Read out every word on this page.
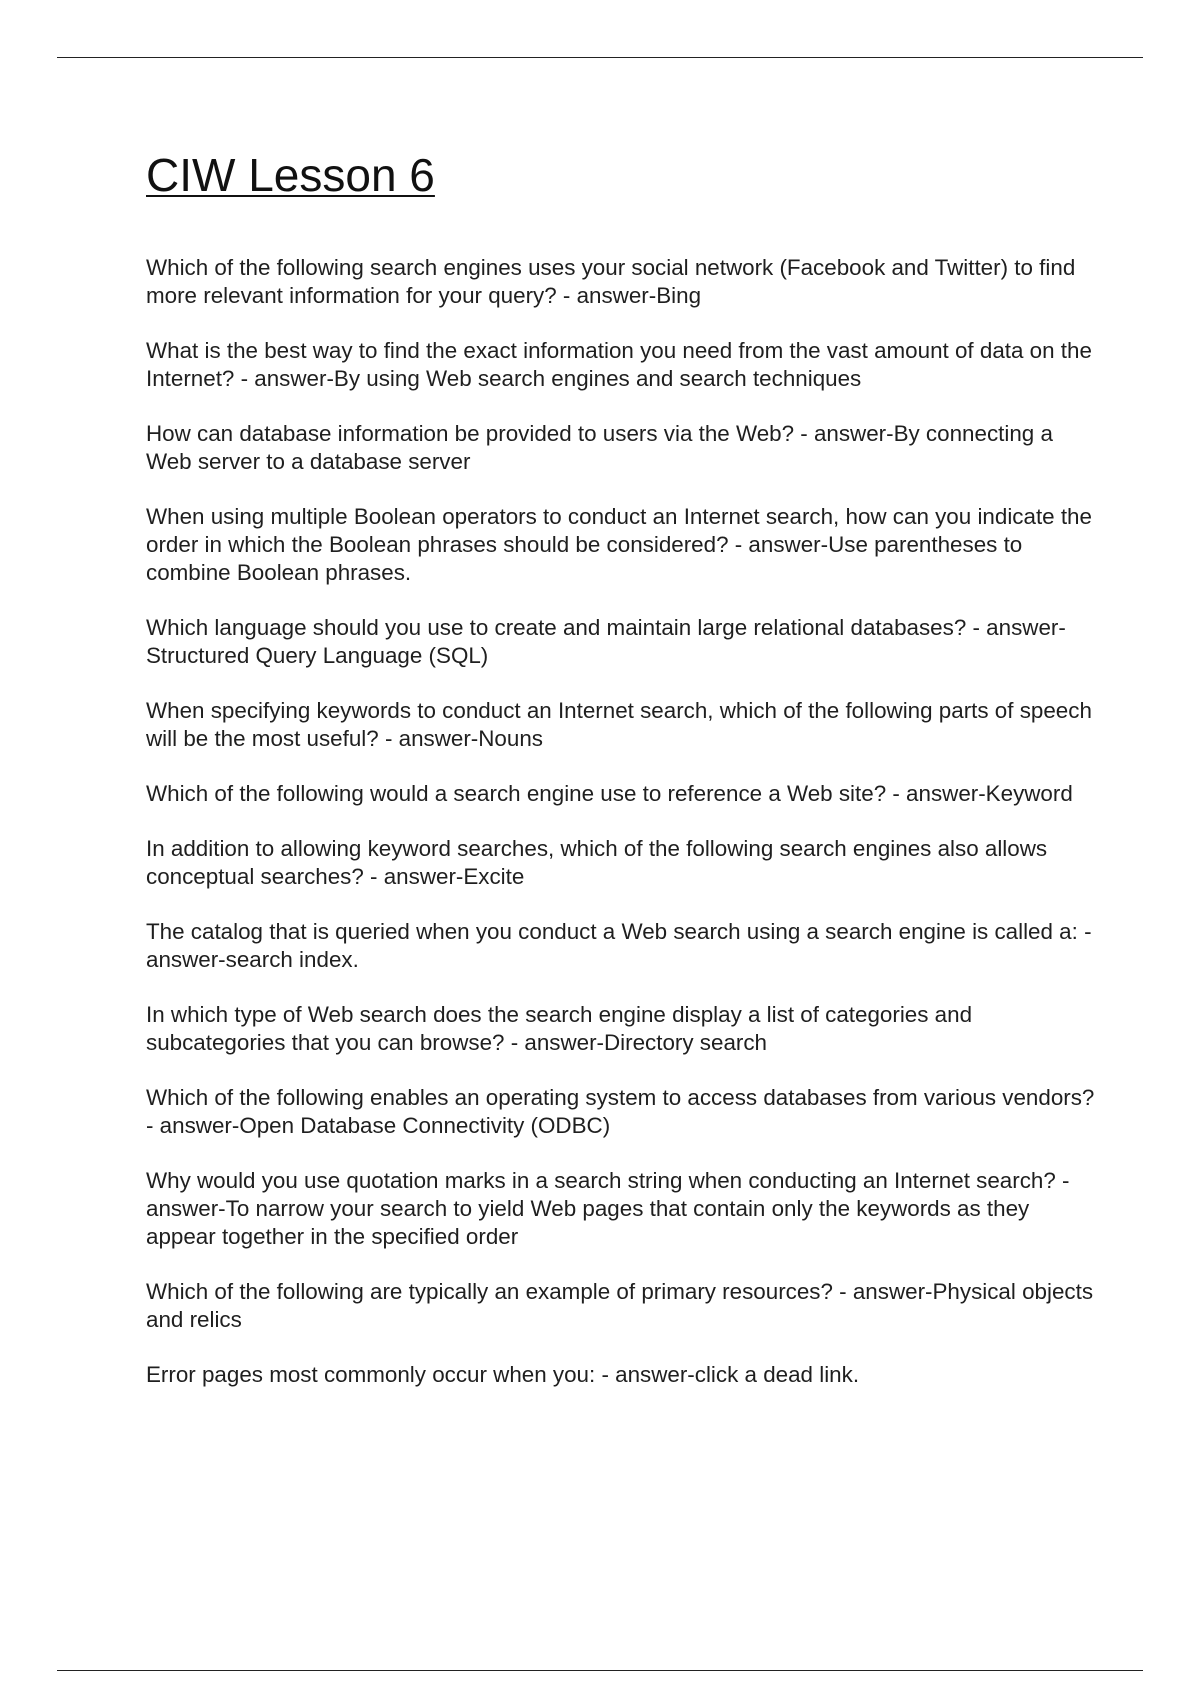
CIW Lesson 6
Which of the following search engines uses your social network (Facebook and Twitter) to find more relevant information for your query? - answer-Bing
What is the best way to find the exact information you need from the vast amount of data on the Internet? - answer-By using Web search engines and search techniques
How can database information be provided to users via the Web? - answer-By connecting a Web server to a database server
When using multiple Boolean operators to conduct an Internet search, how can you indicate the order in which the Boolean phrases should be considered? - answer-Use parentheses to combine Boolean phrases.
Which language should you use to create and maintain large relational databases? - answer-Structured Query Language (SQL)
When specifying keywords to conduct an Internet search, which of the following parts of speech will be the most useful? - answer-Nouns
Which of the following would a search engine use to reference a Web site? - answer-Keyword
In addition to allowing keyword searches, which of the following search engines also allows conceptual searches? - answer-Excite
The catalog that is queried when you conduct a Web search using a search engine is called a: - answer-search index.
In which type of Web search does the search engine display a list of categories and subcategories that you can browse? - answer-Directory search
Which of the following enables an operating system to access databases from various vendors? - answer-Open Database Connectivity (ODBC)
Why would you use quotation marks in a search string when conducting an Internet search? - answer-To narrow your search to yield Web pages that contain only the keywords as they appear together in the specified order
Which of the following are typically an example of primary resources? - answer-Physical objects and relics
Error pages most commonly occur when you: - answer-click a dead link.
